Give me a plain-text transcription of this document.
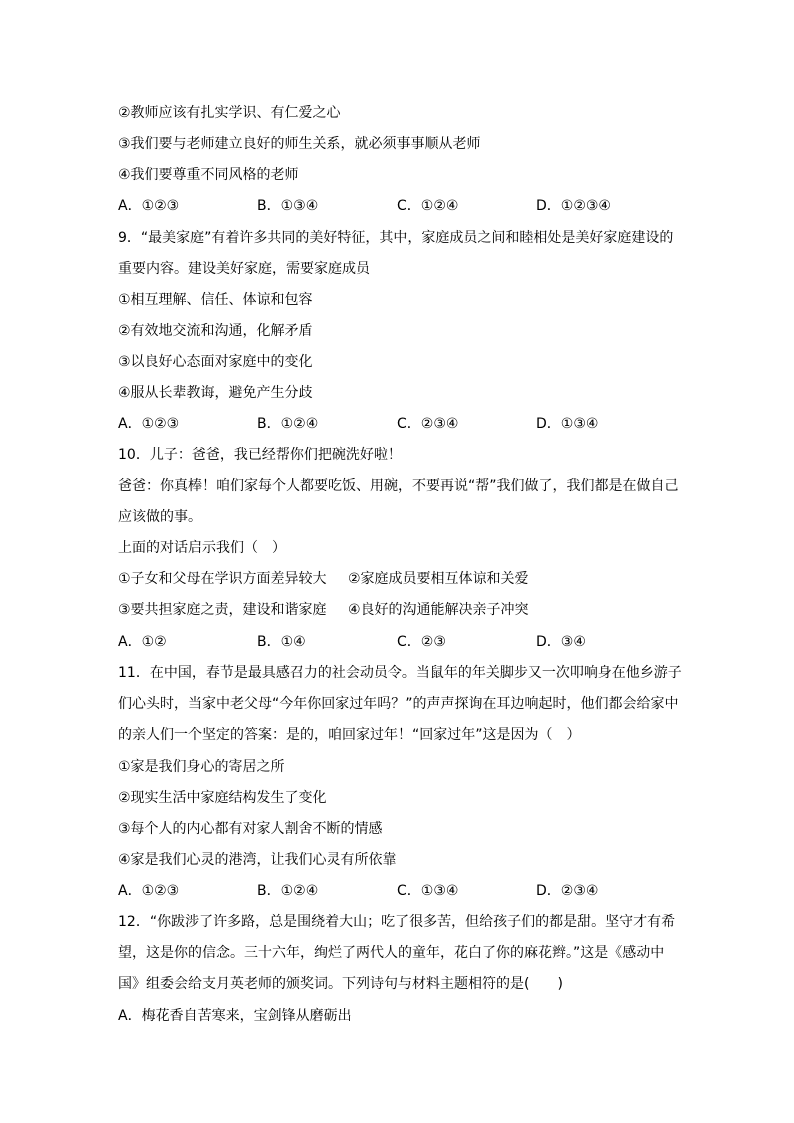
②教师应该有扎实学识、有仁爱之心
③我们要与老师建立良好的师生关系，就必须事事顺从老师
④我们要尊重不同风格的老师
A．①②③	B．①③④	C．①②④	D．①②③④
9．“最美家庭”有着许多共同的美好特征，其中，家庭成员之间和睦相处是美好家庭建设的
重要内容。建设美好家庭，需要家庭成员
①相互理解、信任、体谅和包容
②有效地交流和沟通，化解矛盾
③以良好心态面对家庭中的变化
④服从长辈教诲，避免产生分歧
A．①②③	B．①②④	C．②③④	D．①③④
10．儿子：爸爸，我已经帮你们把碗洗好啦！
爸爸：你真棒！咱们家每个人都要吃饭、用碗，不要再说“帮”我们做了，我们都是在做自己
应该做的事。
上面的对话启示我们（　）
①子女和父母在学识方面差异较大 ②家庭成员要相互体谅和关爱
③要共担家庭之责，建设和谐家庭 ④良好的沟通能解决亲子冲突
A．①②	B．①④	C．②③	D．③④
11．在中国，春节是最具感召力的社会动员令。当鼠年的年关脚步又一次叩响身在他乡游子
们心头时，当家中老父母“今年你回家过年吗？”的声声探询在耳边响起时，他们都会给家中
的亲人们一个坚定的答案：是的，咱回家过年！“回家过年”这是因为（　）
①家是我们身心的寄居之所
②现实生活中家庭结构发生了变化
③每个人的内心都有对家人割舍不断的情感
④家是我们心灵的港湾，让我们心灵有所依靠
A．①②③	B．①②④	C．①③④	D．②③④
12．“你跋涉了许多路，总是围绕着大山；吃了很多苦，但给孩子们的都是甜。坚守才有希
望，这是你的信念。三十六年，绚烂了两代人的童年，花白了你的麻花辫。”这是《感动中
国》组委会给支月英老师的颁奖词。下列诗句与材料主题相符的是(　　)
A．梅花香自苦寒来，宝剑锋从磨砺出
